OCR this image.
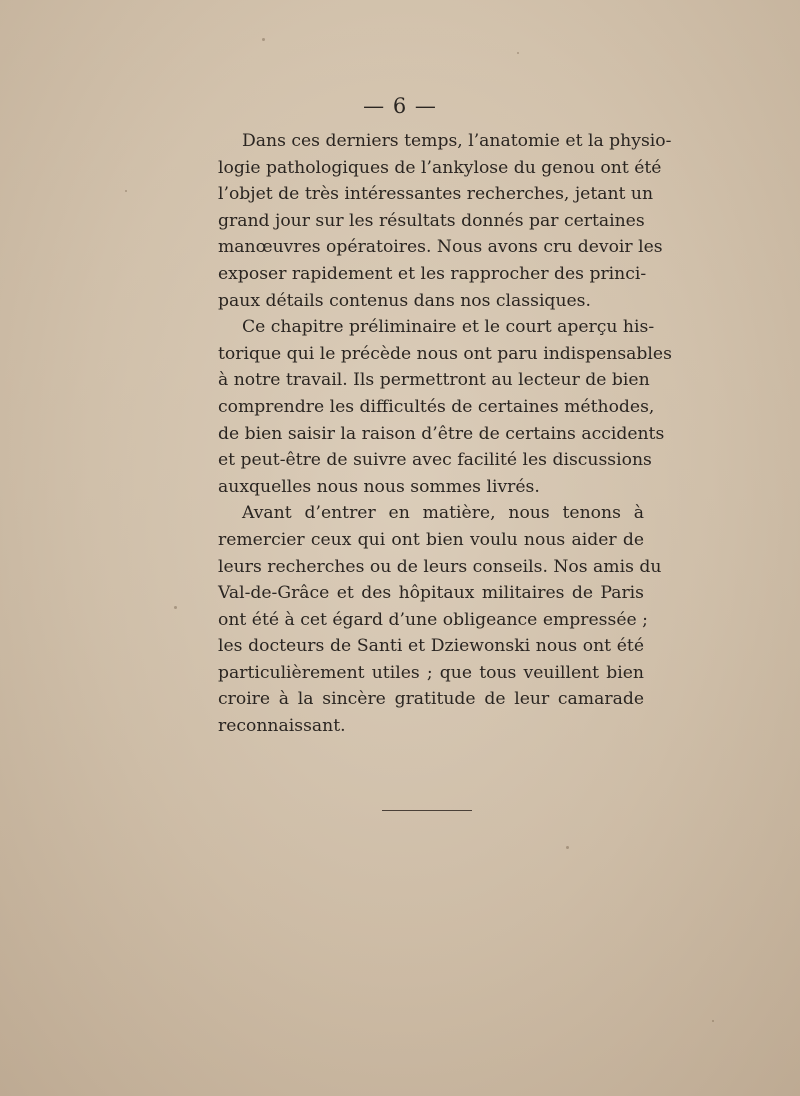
— 6 —
Dans ces derniers temps, l’anatomie et la physio-
logie pathologiques de l’ankylose du genou ont été
l’objet de très intéressantes recherches, jetant un
grand jour sur les résultats donnés par certaines
manœuvres opératoires. Nous avons cru devoir les
exposer rapidement et les rapprocher des princi-
paux détails contenus dans nos classiques.
Ce chapitre préliminaire et le court aperçu his-
torique qui le précède nous ont paru indispensables
à notre travail. Ils permettront au lecteur de bien
comprendre les difficultés de certaines méthodes,
de bien saisir la raison d’être de certains accidents
et peut-être de suivre avec facilité les discussions
auxquelles nous nous sommes livrés.
Avant d’entrer en matière, nous tenons à
remercier ceux qui ont bien voulu nous aider de
leurs recherches ou de leurs conseils. Nos amis du
Val-de-Grâce et des hôpitaux militaires de Paris
ont été à cet égard d’une obligeance empressée ;
les docteurs de Santi et Dziewonski nous ont été
particulièrement utiles ; que tous veuillent bien
croire à la sincère gratitude de leur camarade
reconnaissant.
